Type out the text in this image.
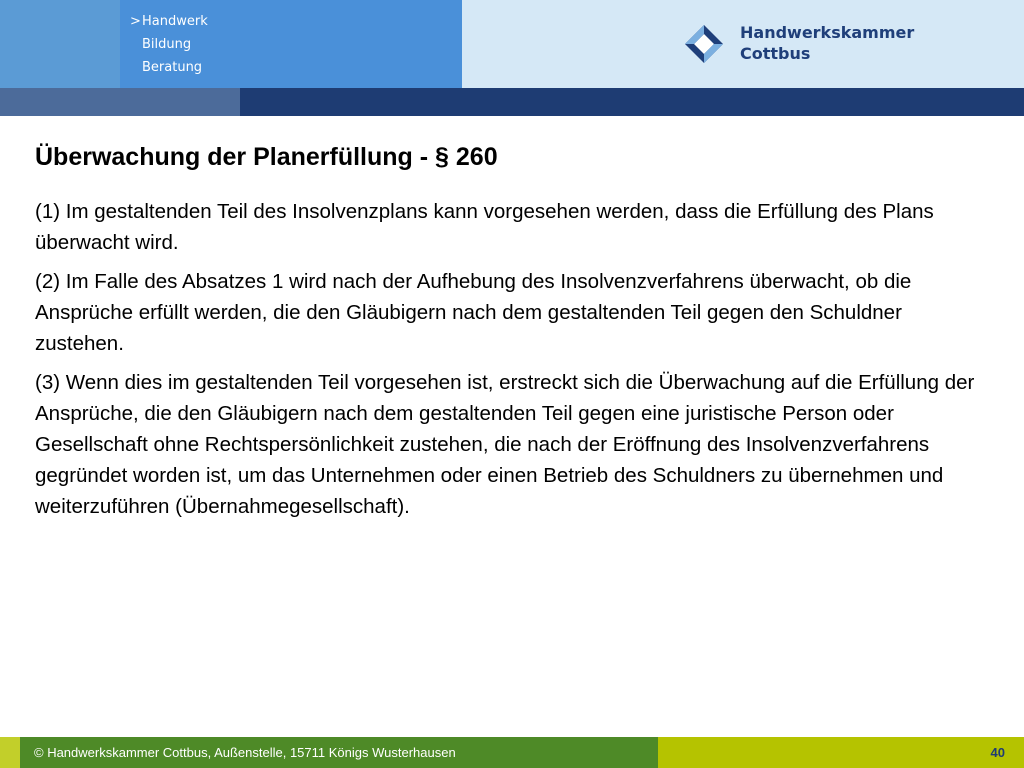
>Handwerk
Bildung
Beratung
Handwerkskammer
Cottbus
Überwachung der Planerfüllung - § 260

(1) Im gestaltenden Teil des Insolvenzplans kann vorgesehen werden, dass die Erfüllung des Plans überwacht wird.

(2) Im Falle des Absatzes 1 wird nach der Aufhebung des Insolvenzverfahrens überwacht, ob die Ansprüche erfüllt werden, die den Gläubigern nach dem gestaltenden Teil gegen den Schuldner zustehen.

(3) Wenn dies im gestaltenden Teil vorgesehen ist, erstreckt sich die Überwachung auf die Erfüllung der Ansprüche, die den Gläubigern nach dem gestaltenden Teil gegen eine juristische Person oder Gesellschaft ohne Rechtspersönlichkeit zustehen, die nach der Eröffnung des Insolvenzverfahrens gegründet worden ist, um das Unternehmen oder einen Betrieb des Schuldners zu übernehmen und weiterzuführen (Übernahmegesellschaft).

© Handwerkskammer Cottbus, Außenstelle, 15711 Königs Wusterhausen	40
